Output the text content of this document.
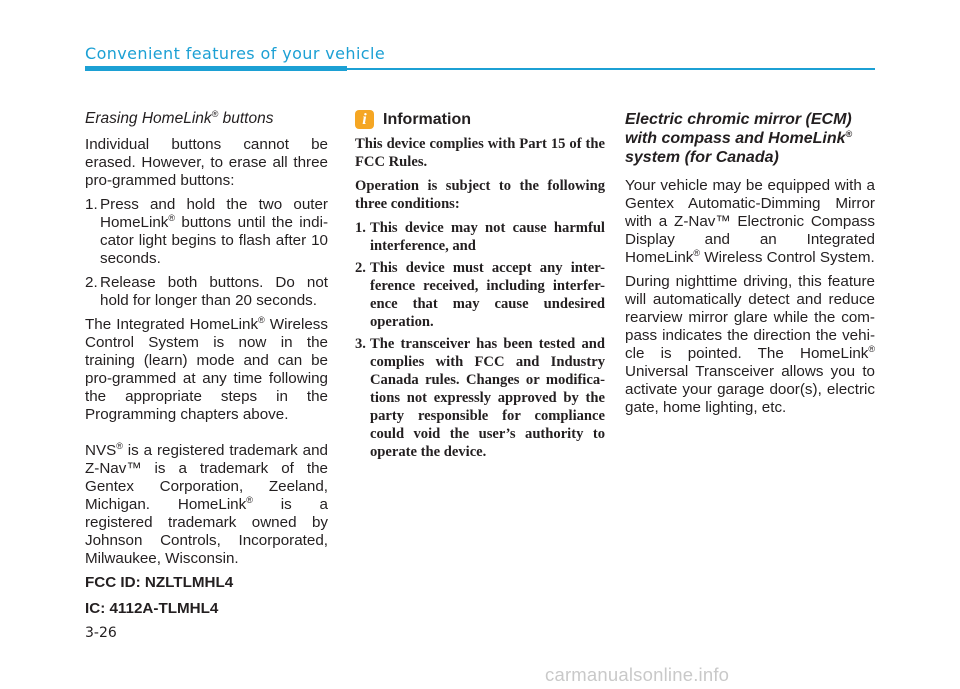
Convenient features of your vehicle

Erasing HomeLink® buttons

Individual buttons cannot be erased. However, to erase all three pro-grammed buttons:

1. Press and hold the two outer HomeLink® buttons until the indi-cator light begins to flash after 10 seconds.
2. Release both buttons. Do not hold for longer than 20 seconds.

The Integrated HomeLink® Wireless Control System is now in the training (learn) mode and can be pro-grammed at any time following the appropriate steps in the Programming chapters above.

NVS® is a registered trademark and Z-Nav™ is a trademark of the Gentex Corporation, Zeeland, Michigan. HomeLink® is a registered trademark owned by Johnson Controls, Incorporated, Milwaukee, Wisconsin.

FCC ID: NZLTLMHL4

IC: 4112A-TLMHL4

i	Information

This device complies with Part 15 of the FCC Rules.

Operation is subject to the following three conditions:

1. This device may not cause harmful interference, and
2. This device must accept any inter-ference received, including interfer-ence that may cause undesired operation.
3. The transceiver has been tested and complies with FCC and Industry Canada rules. Changes or modifica-tions not expressly approved by the party responsible for compliance could void the user’s authority to operate the device.

Electric chromic mirror (ECM) with compass and HomeLink® system (for Canada)

Your vehicle may be equipped with a Gentex Automatic-Dimming Mirror with a Z-Nav™ Electronic Compass Display and an Integrated HomeLink® Wireless Control System.

During nighttime driving, this feature will automatically detect and reduce rearview mirror glare while the com-pass indicates the direction the vehi-cle is pointed. The HomeLink® Universal Transceiver allows you to activate your garage door(s), electric gate, home lighting, etc.

3-26
carmanualsonline.info
